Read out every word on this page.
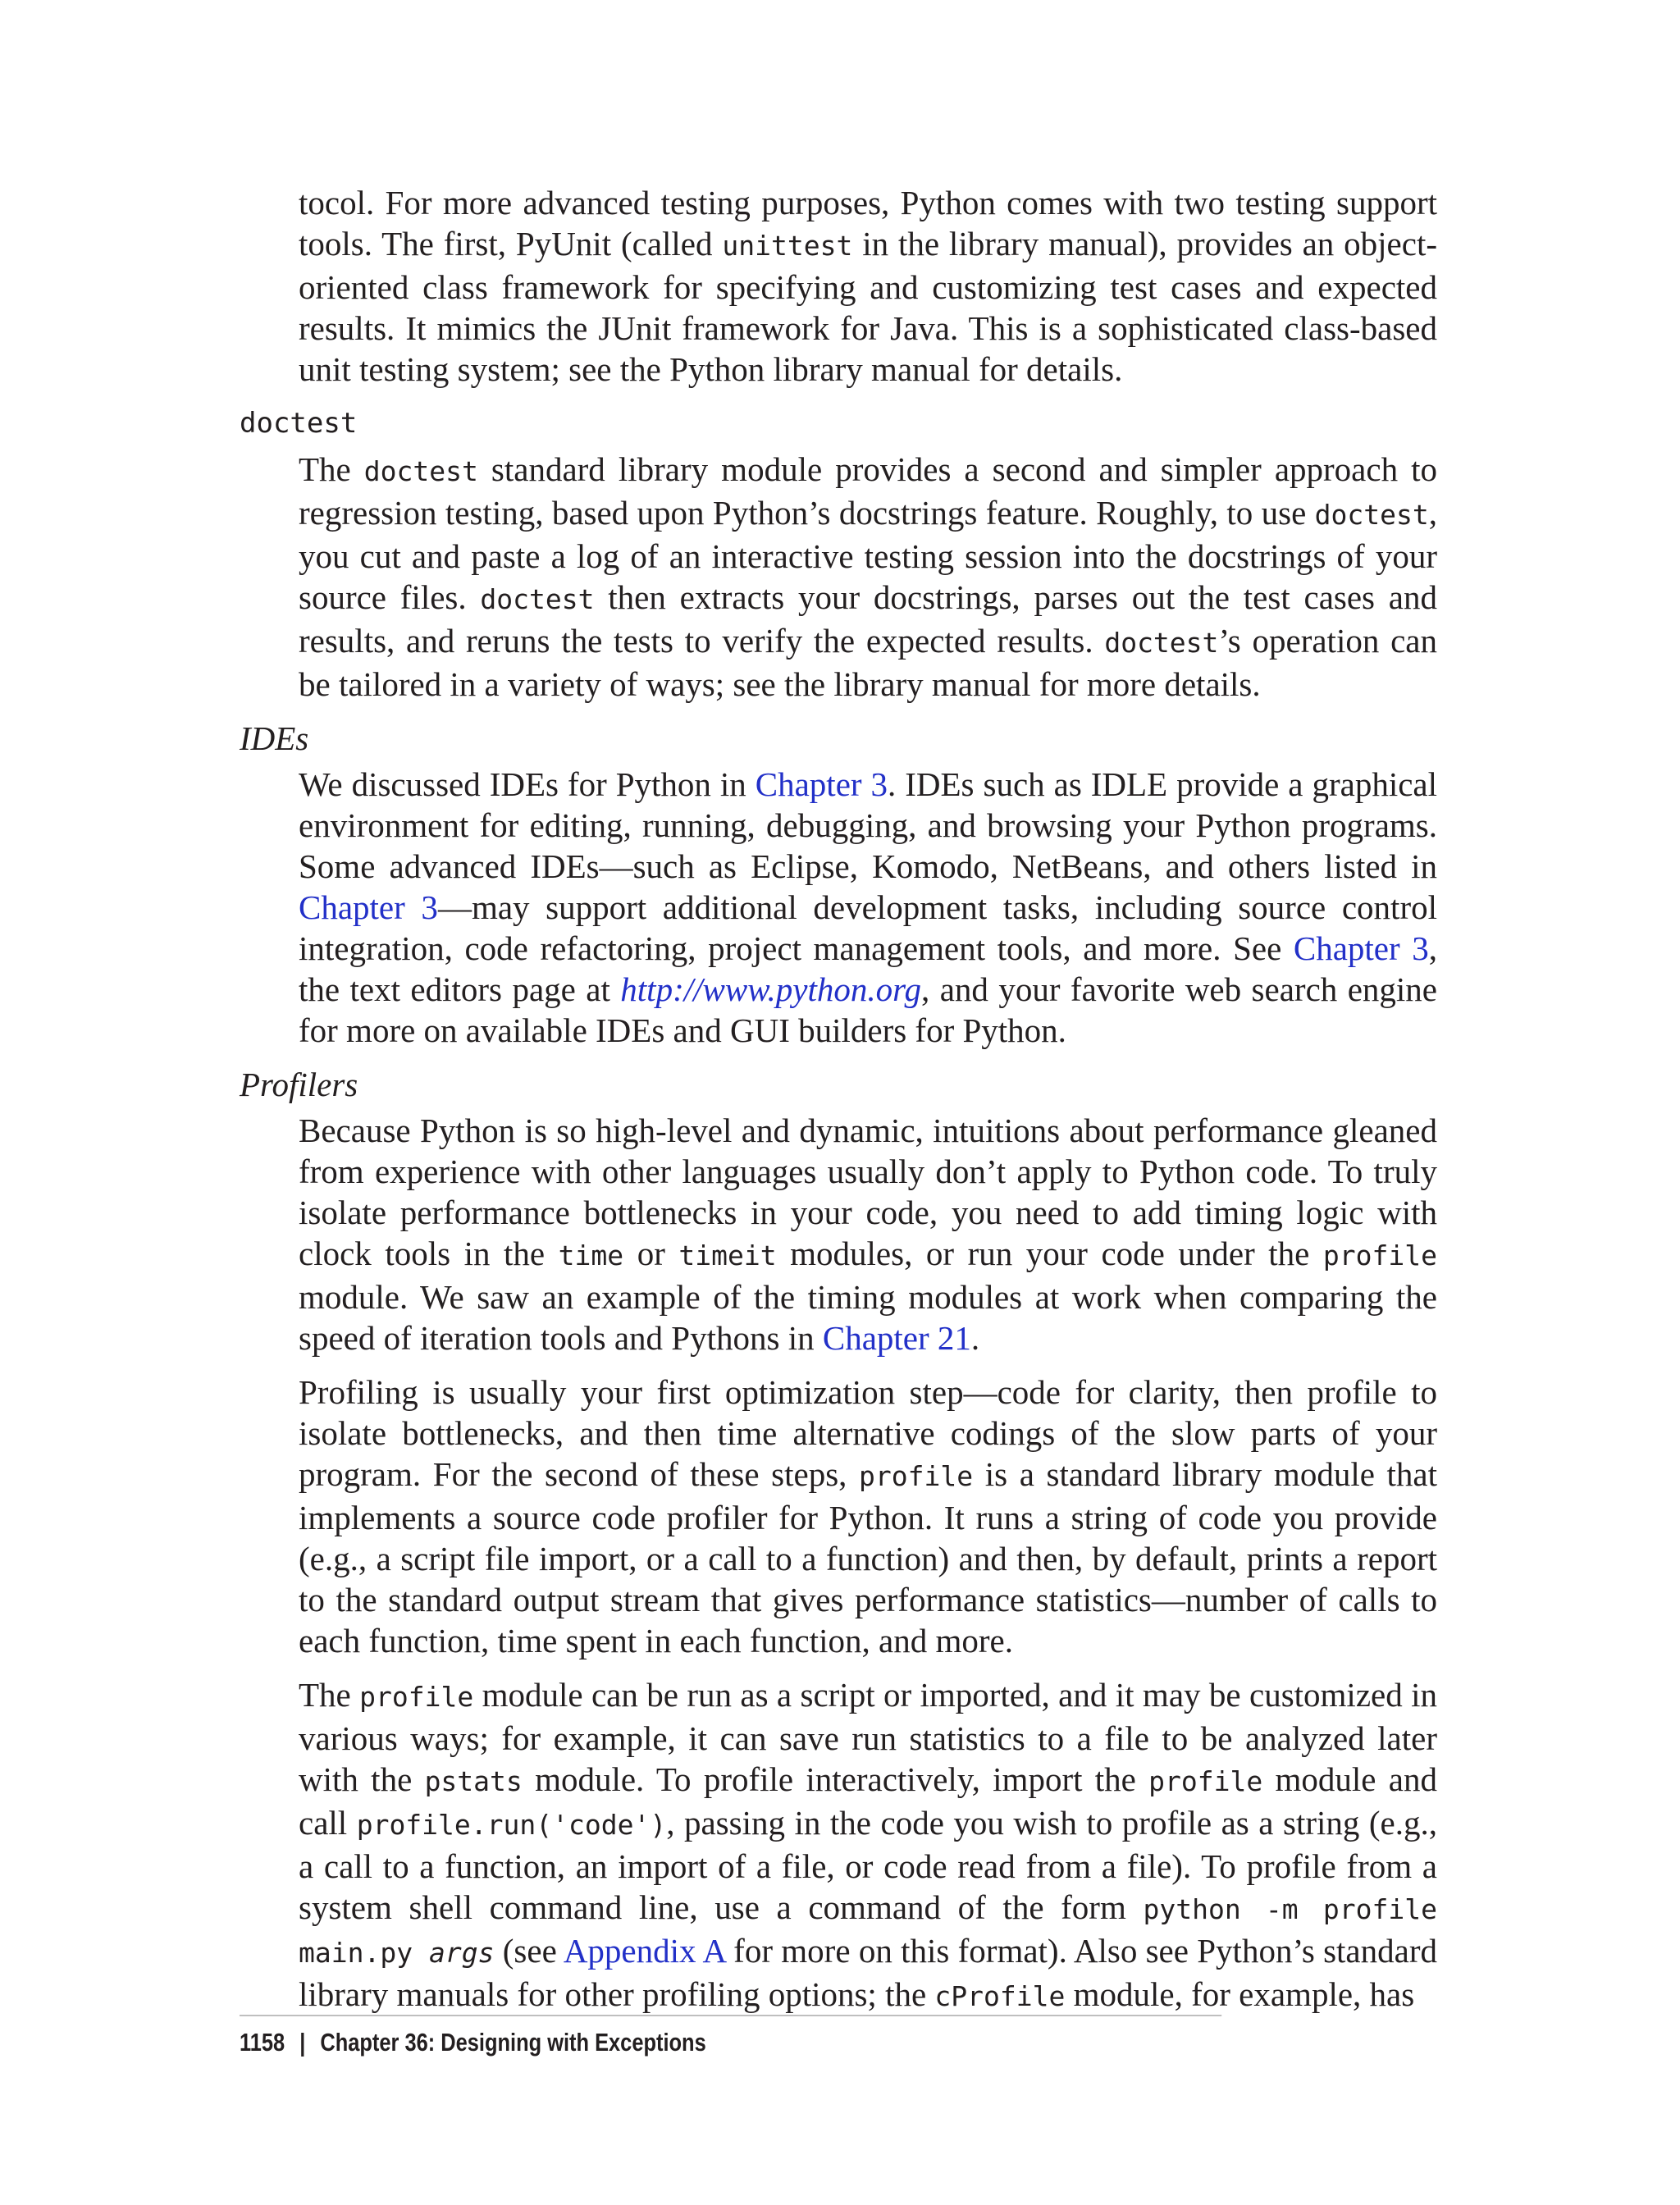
tocol. For more advanced testing purposes, Python comes with two testing support tools. The first, PyUnit (called unittest in the library manual), provides an object-oriented class framework for specifying and customizing test cases and expected results. It mimics the JUnit framework for Java. This is a sophisticated class-based unit testing system; see the Python library manual for details.

doctest

The doctest standard library module provides a second and simpler approach to regression testing, based upon Python’s docstrings feature. Roughly, to use doctest, you cut and paste a log of an interactive testing session into the docstrings of your source files. doctest then extracts your docstrings, parses out the test cases and results, and reruns the tests to verify the expected results. doctest’s operation can be tailored in a variety of ways; see the library manual for more details.

IDEs

We discussed IDEs for Python in Chapter 3. IDEs such as IDLE provide a graphical environment for editing, running, debugging, and browsing your Python programs. Some advanced IDEs—such as Eclipse, Komodo, NetBeans, and others listed in Chapter 3—may support additional development tasks, including source control integration, code refactoring, project management tools, and more. See Chapter 3, the text editors page at http://www.python.org, and your favorite web search engine for more on available IDEs and GUI builders for Python.

Profilers

Because Python is so high-level and dynamic, intuitions about performance gleaned from experience with other languages usually don’t apply to Python code. To truly isolate performance bottlenecks in your code, you need to add timing logic with clock tools in the time or timeit modules, or run your code under the profile module. We saw an example of the timing modules at work when comparing the speed of iteration tools and Pythons in Chapter 21.

Profiling is usually your first optimization step—code for clarity, then profile to isolate bottlenecks, and then time alternative codings of the slow parts of your program. For the second of these steps, profile is a standard library module that implements a source code profiler for Python. It runs a string of code you provide (e.g., a script file import, or a call to a function) and then, by default, prints a report to the standard output stream that gives performance statistics—number of calls to each function, time spent in each function, and more.

The profile module can be run as a script or imported, and it may be customized in various ways; for example, it can save run statistics to a file to be analyzed later with the pstats module. To profile interactively, import the profile module and call profile.run('code'), passing in the code you wish to profile as a string (e.g., a call to a function, an import of a file, or code read from a file). To profile from a system shell command line, use a command of the form python -m profile main.py args (see Appendix A for more on this format). Also see Python’s standard library manuals for other profiling options; the cProfile module, for example, has

1158 | Chapter 36: Designing with Exceptions
